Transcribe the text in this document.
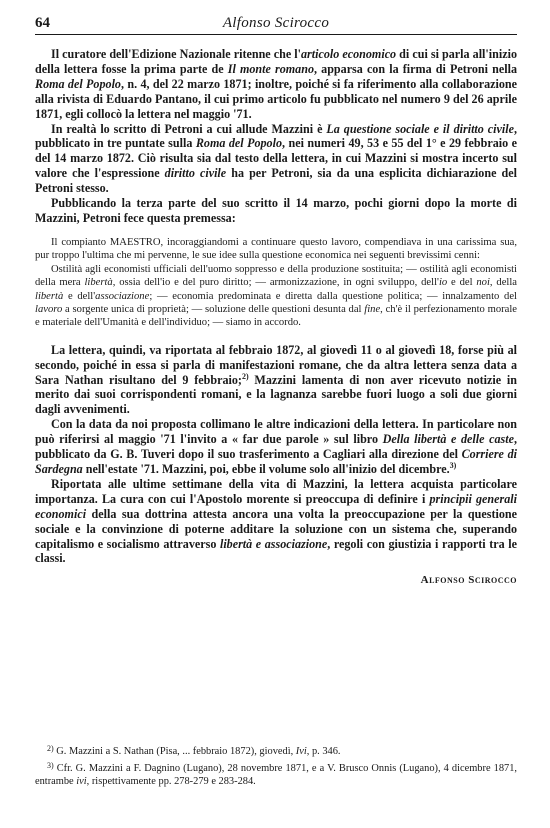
64	Alfonso Scirocco

Il curatore dell'Edizione Nazionale ritenne che l'articolo economico di cui si parla all'inizio della lettera fosse la prima parte de Il monte romano, apparsa con la firma di Petroni nella Roma del Popolo, n. 4, del 22 marzo 1871; inoltre, poiché si fa riferimento alla collaborazione alla rivista di Eduardo Pantano, il cui primo articolo fu pubblicato nel numero 9 del 26 aprile 1871, egli collocò la lettera nel maggio '71.

In realtà lo scritto di Petroni a cui allude Mazzini è La questione sociale e il diritto civile, pubblicato in tre puntate sulla Roma del Popolo, nei numeri 49, 53 e 55 del 1° e 29 febbraio e del 14 marzo 1872. Ciò risulta sia dal testo della lettera, in cui Mazzini si mostra incerto sul valore che l'espressione diritto civile ha per Petroni, sia da una esplicita dichiarazione del Petroni stesso.

Pubblicando la terza parte del suo scritto il 14 marzo, pochi giorni dopo la morte di Mazzini, Petroni fece questa premessa:

Il compianto MAESTRO, incoraggiandomi a continuare questo lavoro, compendiava in una carissima sua, pur troppo l'ultima che mi pervenne, le sue idee sulla questione economica nei seguenti brevissimi cenni:

Ostilità agli economisti ufficiali dell'uomo soppresso e della produzione sostituita; — ostilità agli economisti della mera libertà, ossia dell'io e del puro diritto; — armonizzazione, in ogni sviluppo, dell'io e del noi, della libertà e dell'associazione; — economia predominata e diretta dalla questione politica; — innalzamento del lavoro a sorgente unica di proprietà; — soluzione delle questioni desunta dal fine, ch'è il perfezionamento morale e materiale dell'Umanità e dell'individuo; — siamo in accordo.

La lettera, quindi, va riportata al febbraio 1872, al giovedì 11 o al giovedì 18, forse più al secondo, poiché in essa si parla di manifestazioni romane, che da altra lettera senza data a Sara Nathan risultano del 9 febbraio;$^{2)}$ Mazzini lamenta di non aver ricevuto notizie in merito dai suoi corrispondenti romani, e la lagnanza sarebbe fuori luogo a soli due giorni dagli avvenimenti.

Con la data da noi proposta collimano le altre indicazioni della lettera. In particolare non può riferirsi al maggio '71 l'invito a « far due parole » sul libro Della libertà e delle caste, pubblicato da G. B. Tuveri dopo il suo trasferimento a Cagliari alla direzione del Corriere di Sardegna nell'estate '71. Mazzini, poi, ebbe il volume solo all'inizio del dicembre.$^{3)}$

Riportata alle ultime settimane della vita di Mazzini, la lettera acquista particolare importanza. La cura con cui l'Apostolo morente si preoccupa di definire i principii generali economici della sua dottrina attesta ancora una volta la preoccupazione per la questione sociale e la convinzione di poterne additare la soluzione con un sistema che, superando capitalismo e socialismo attraverso libertà e associazione, regoli con giustizia i rapporti tra le classi.

Alfonso Scirocco

$^{2)}$ G. Mazzini a S. Nathan (Pisa, ... febbraio 1872), giovedì, Ivi, p. 346.

$^{3)}$ Cfr. G. Mazzini a F. Dagnino (Lugano), 28 novembre 1871, e a V. Brusco Onnis (Lugano), 4 dicembre 1871, entrambe ivi, rispettivamente pp. 278-279 e 283-284.
